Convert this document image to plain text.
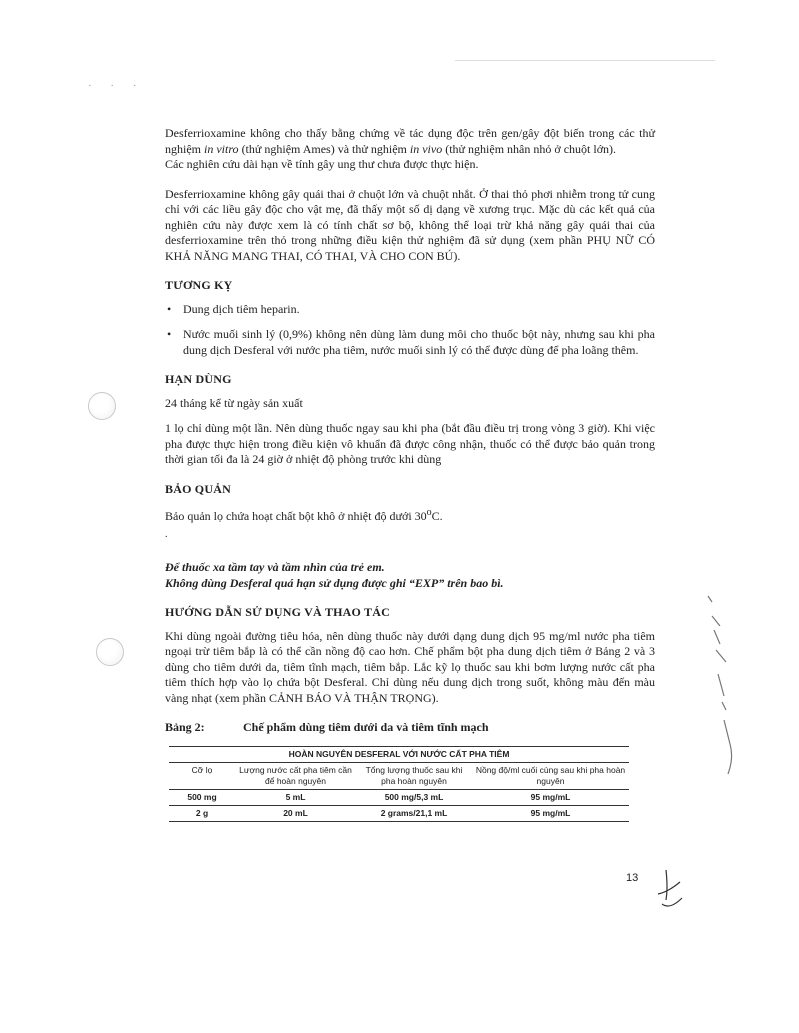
· · ·

Desferrioxamine không cho thấy bằng chứng về tác dụng độc trên gen/gây đột biến trong các thử nghiệm in vitro (thử nghiệm Ames) và thử nghiệm in vivo (thử nghiệm nhân nhỏ ở chuột lớn).

Các nghiên cứu dài hạn về tính gây ung thư chưa được thực hiện.

Desferrioxamine không gây quái thai ở chuột lớn và chuột nhắt. Ở thai thỏ phơi nhiễm trong tử cung chỉ với các liều gây độc cho vật mẹ, đã thấy một số dị dạng về xương trục. Mặc dù các kết quả của nghiên cứu này được xem là có tính chất sơ bộ, không thể loại trừ khả năng gây quái thai của desferrioxamine trên thỏ trong những điều kiện thử nghiệm đã sử dụng (xem phần PHỤ NỮ CÓ KHẢ NĂNG MANG THAI, CÓ THAI, VÀ CHO CON BÚ).

TƯƠNG KỴ
• Dung dịch tiêm heparin.
• Nước muối sinh lý (0,9%) không nên dùng làm dung môi cho thuốc bột này, nhưng sau khi pha dung dịch Desferal với nước pha tiêm, nước muối sinh lý có thể được dùng để pha loãng thêm.
HẠN DÙNG

24 tháng kể từ ngày sản xuất

1 lọ chỉ dùng một lần. Nên dùng thuốc ngay sau khi pha (bắt đầu điều trị trong vòng 3 giờ). Khi việc pha được thực hiện trong điều kiện vô khuẩn đã được công nhận, thuốc có thể được bảo quản trong thời gian tối đa là 24 giờ ở nhiệt độ phòng trước khi dùng

BẢO QUẢN

Bảo quản lọ chứa hoạt chất bột khô ở nhiệt độ dưới 30$^o$C.

.
Để thuốc xa tầm tay và tầm nhìn của trẻ em.
Không dùng Desferal quá hạn sử dụng được ghi “EXP” trên bao bì.
HƯỚNG DẪN SỬ DỤNG VÀ THAO TÁC

Khi dùng ngoài đường tiêu hóa, nên dùng thuốc này dưới dạng dung dịch 95 mg/ml nước pha tiêm ngoại trừ tiêm bắp là có thể cần nồng độ cao hơn. Chế phẩm bột pha dung dịch tiêm ở Bảng 2 và 3 dùng cho tiêm dưới da, tiêm tĩnh mạch, tiêm bắp. Lắc kỹ lọ thuốc sau khi bơm lượng nước cất pha tiêm thích hợp vào lọ chứa bột Desferal. Chỉ dùng nếu dung dịch trong suốt, không màu đến màu vàng nhạt (xem phần CẢNH BÁO VÀ THẬN TRỌNG).

Bảng 2:	Chế phẩm dùng tiêm dưới da và tiêm tĩnh mạch
HOÀN NGUYÊN DESFERAL VỚI NƯỚC CẤT PHA TIÊM			
Cỡ lọ	Lượng nước cất pha tiêm cần để hoàn nguyên	Tổng lượng thuốc sau khi pha hoàn nguyên	Nồng độ/ml cuối cùng sau khi pha hoàn nguyên
500 mg	5 mL	500 mg/5,3 mL	95 mg/mL
2 g	20 mL	2 grams/21,1 mL	95 mg/mL
13
